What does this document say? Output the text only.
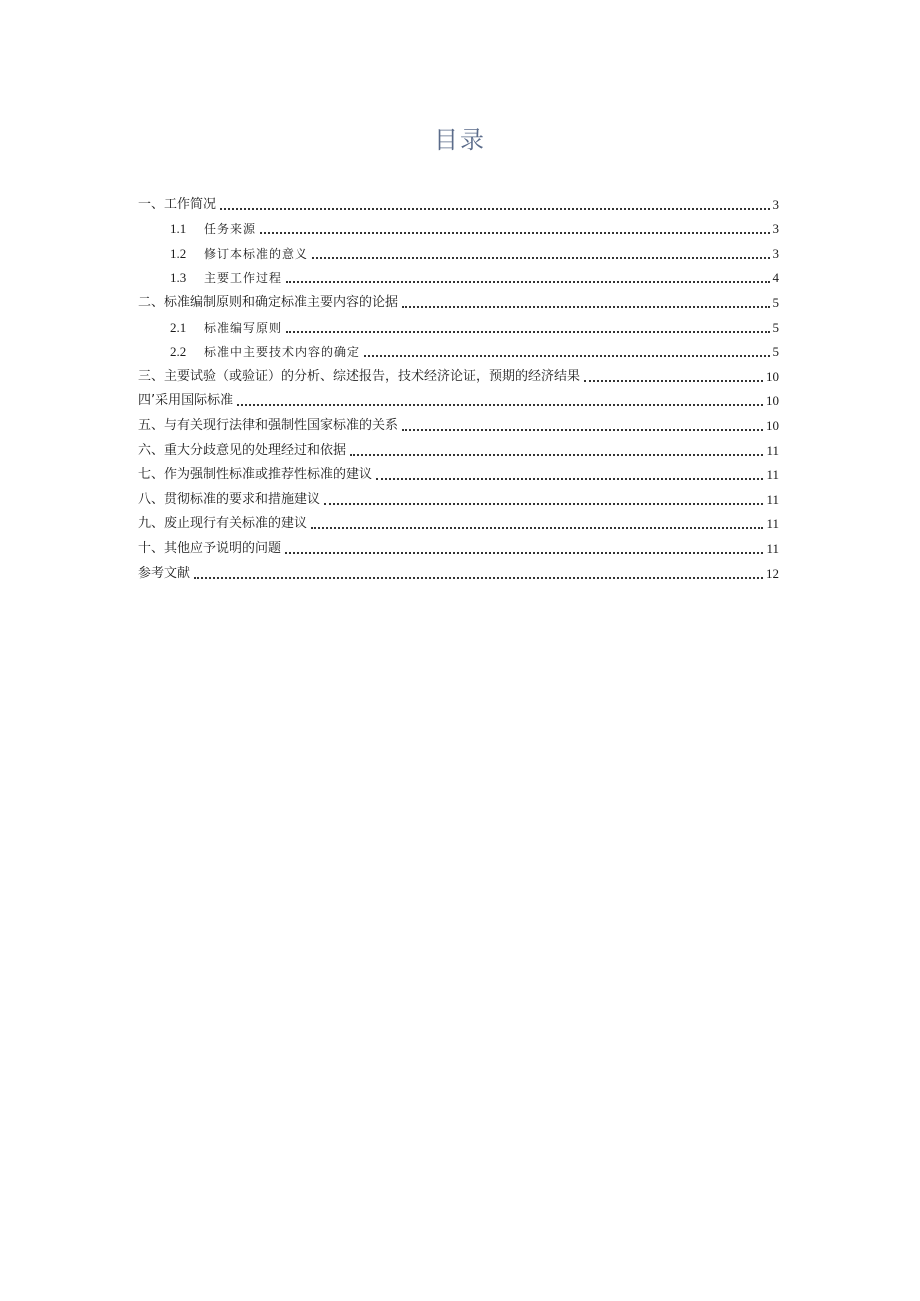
目录
一、工作简况	3
1.1	任务来源	3
1.2	修订本标准的意义	3
1.3	主要工作过程	4
二、标准编制原则和确定标准主要内容的论据	5
2.1	标准编写原则	5
2.2	标准中主要技术内容的确定	5
三、主要试验（或验证）的分析、综述报告，技术经济论证，预期的经济结果	10
四’采用国际标准	10
五、与有关现行法律和强制性国家标准的关系	10
六、重大分歧意见的处理经过和依据	11
七、作为强制性标准或推荐性标准的建议	11
八、贯彻标准的要求和措施建议	11
九、废止现行有关标准的建议	11
十、其他应予说明的问题	11
参考文献	12
